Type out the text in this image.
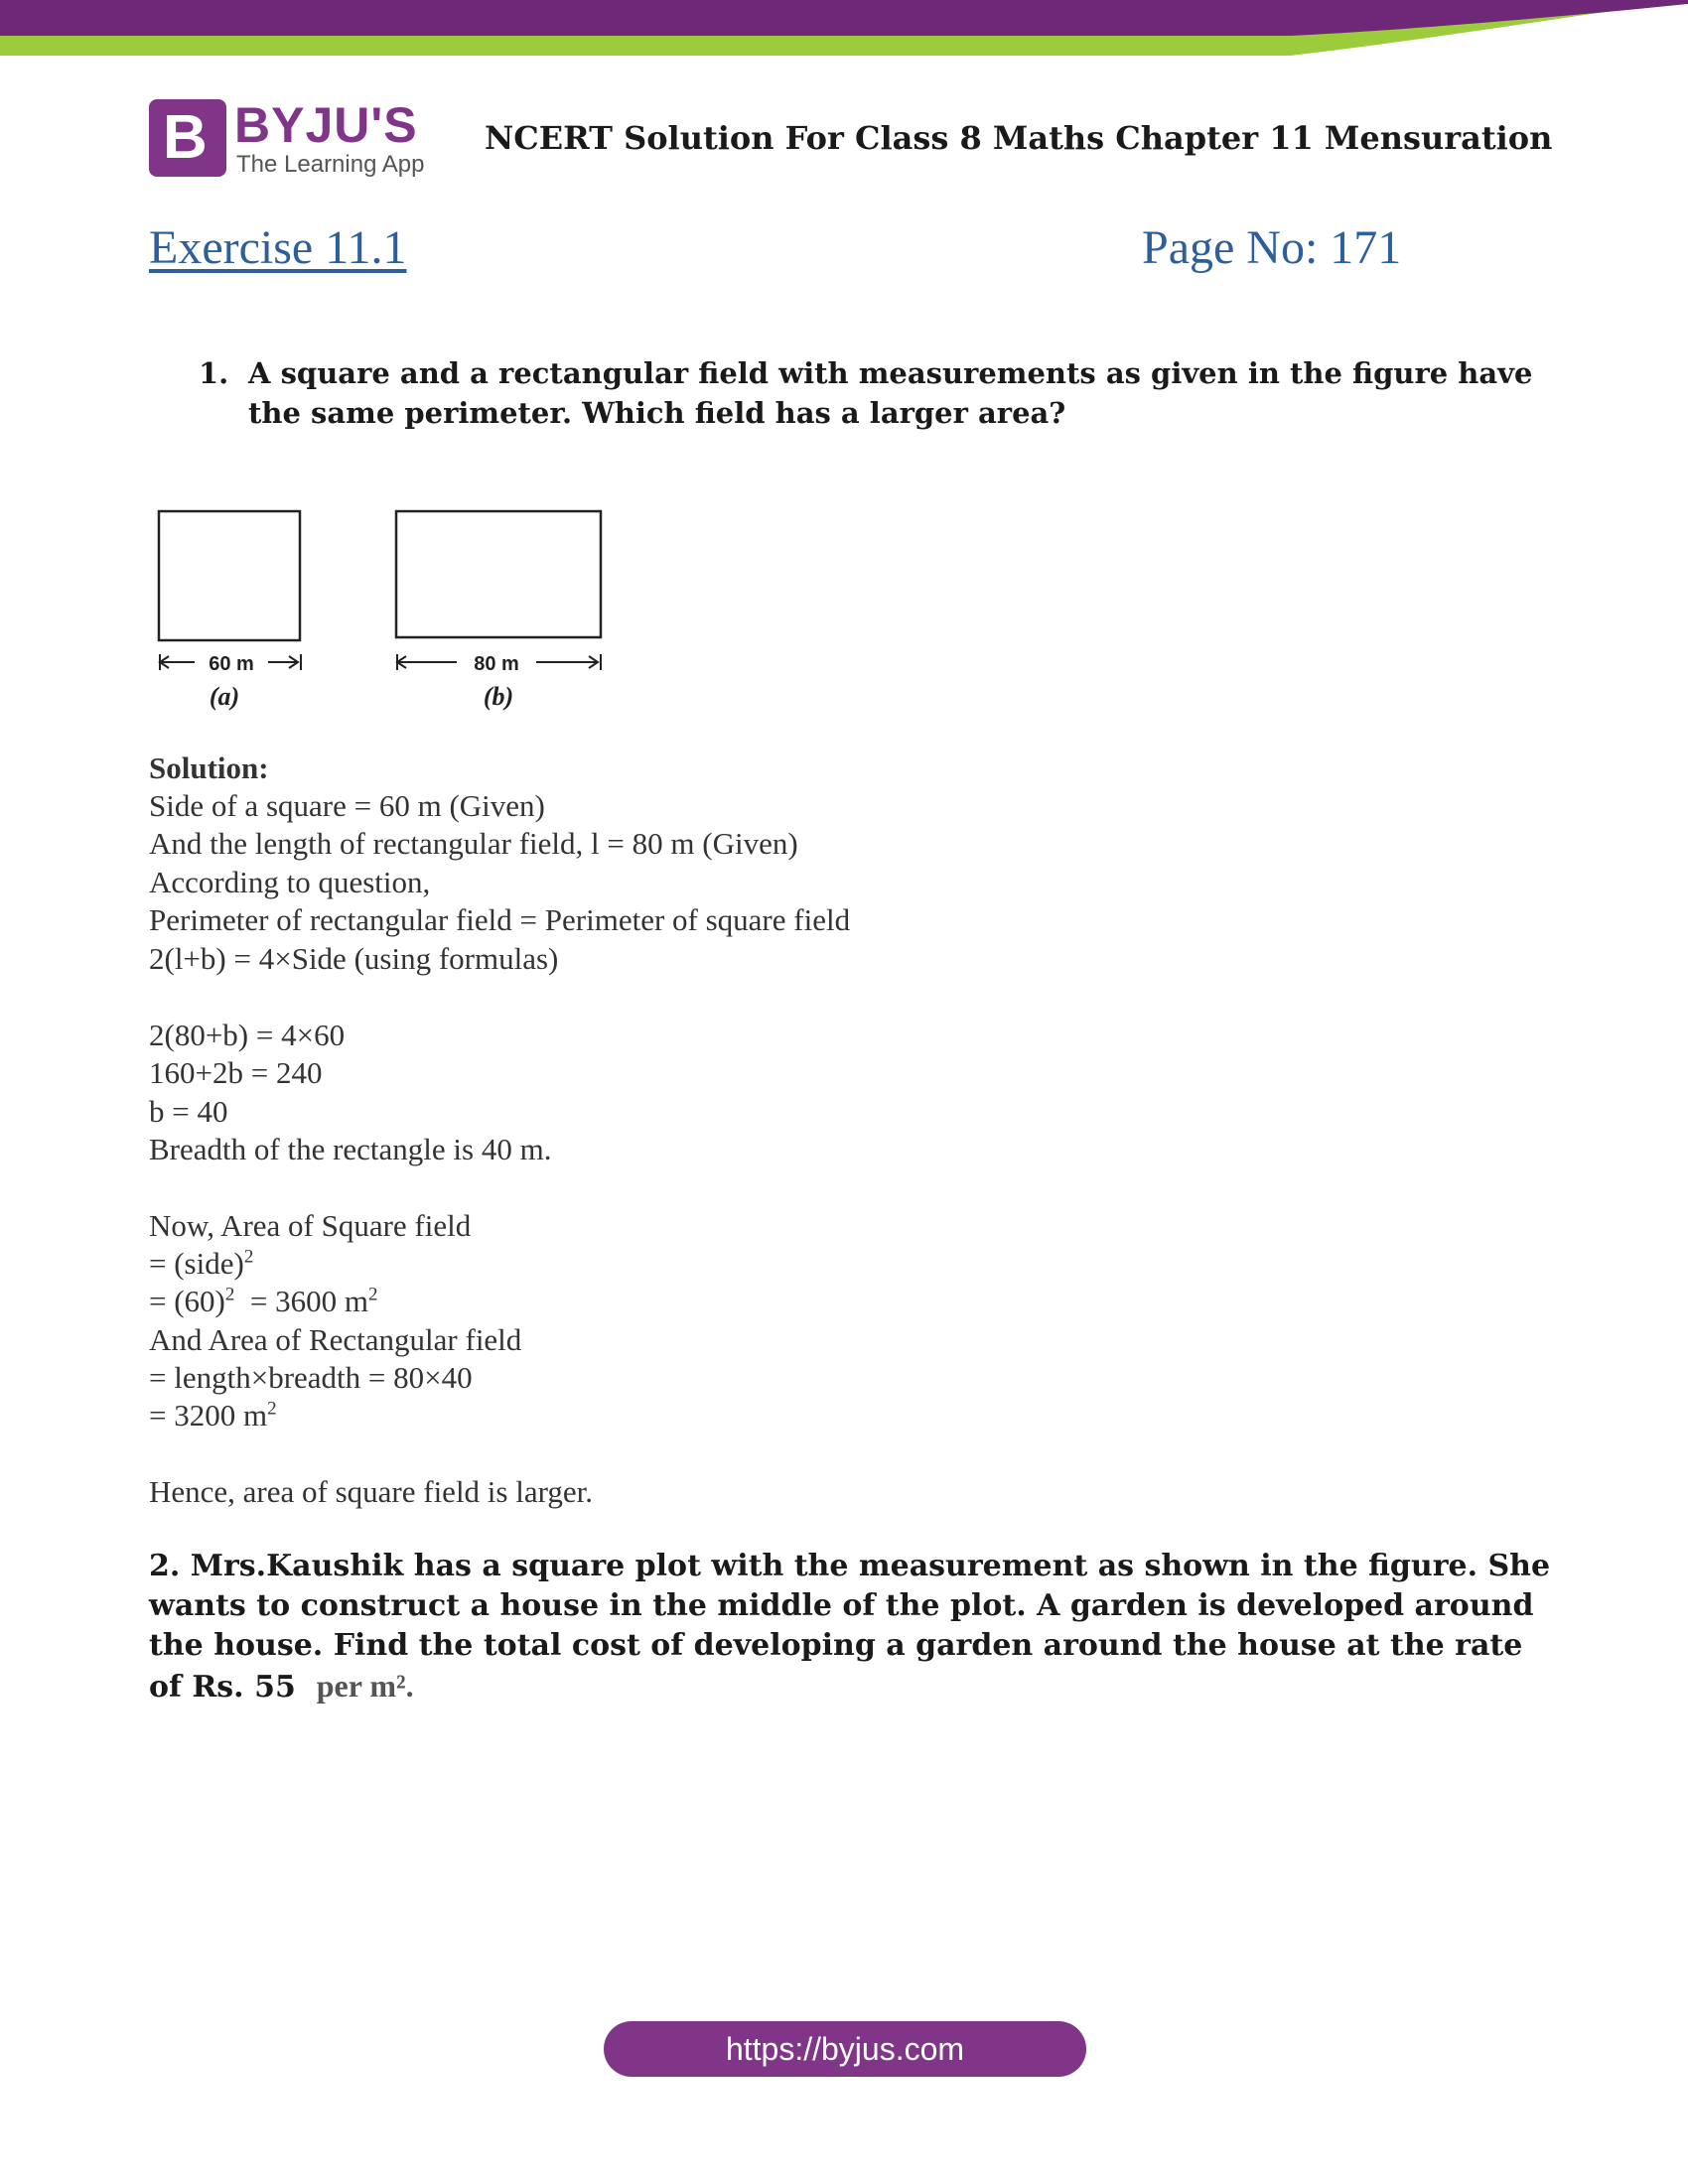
B BYJU'S
The Learning App
NCERT Solution For Class 8 Maths Chapter 11 Mensuration
Exercise 11.1	Page No: 171
1. A square and a rectangular field with measurements as given in the figure have the same perimeter. Which field has a larger area?
60 m
(a)
80 m
(b)
Solution:
Side of a square = 60 m (Given)
And the length of rectangular field, l = 80 m (Given)
According to question,
Perimeter of rectangular field = Perimeter of square field
2(l+b) = 4×Side (using formulas)
2(80+b) = 4×60
160+2b = 240
b = 40
Breadth of the rectangle is 40 m.
Now, Area of Square field
= (side)$^2$
= $(60)^2 = 3600$ $m^2$
And Area of Rectangular field
= length×breadth = 80×40
= 3200 $m^2$
Hence, area of square field is larger.
2. Mrs.Kaushik has a square plot with the measurement as shown in the figure. She wants to construct a house in the middle of the plot. A garden is developed around the house. Find the total cost of developing a garden around the house at the rate of Rs. 55 per m².
https://byjus.com
